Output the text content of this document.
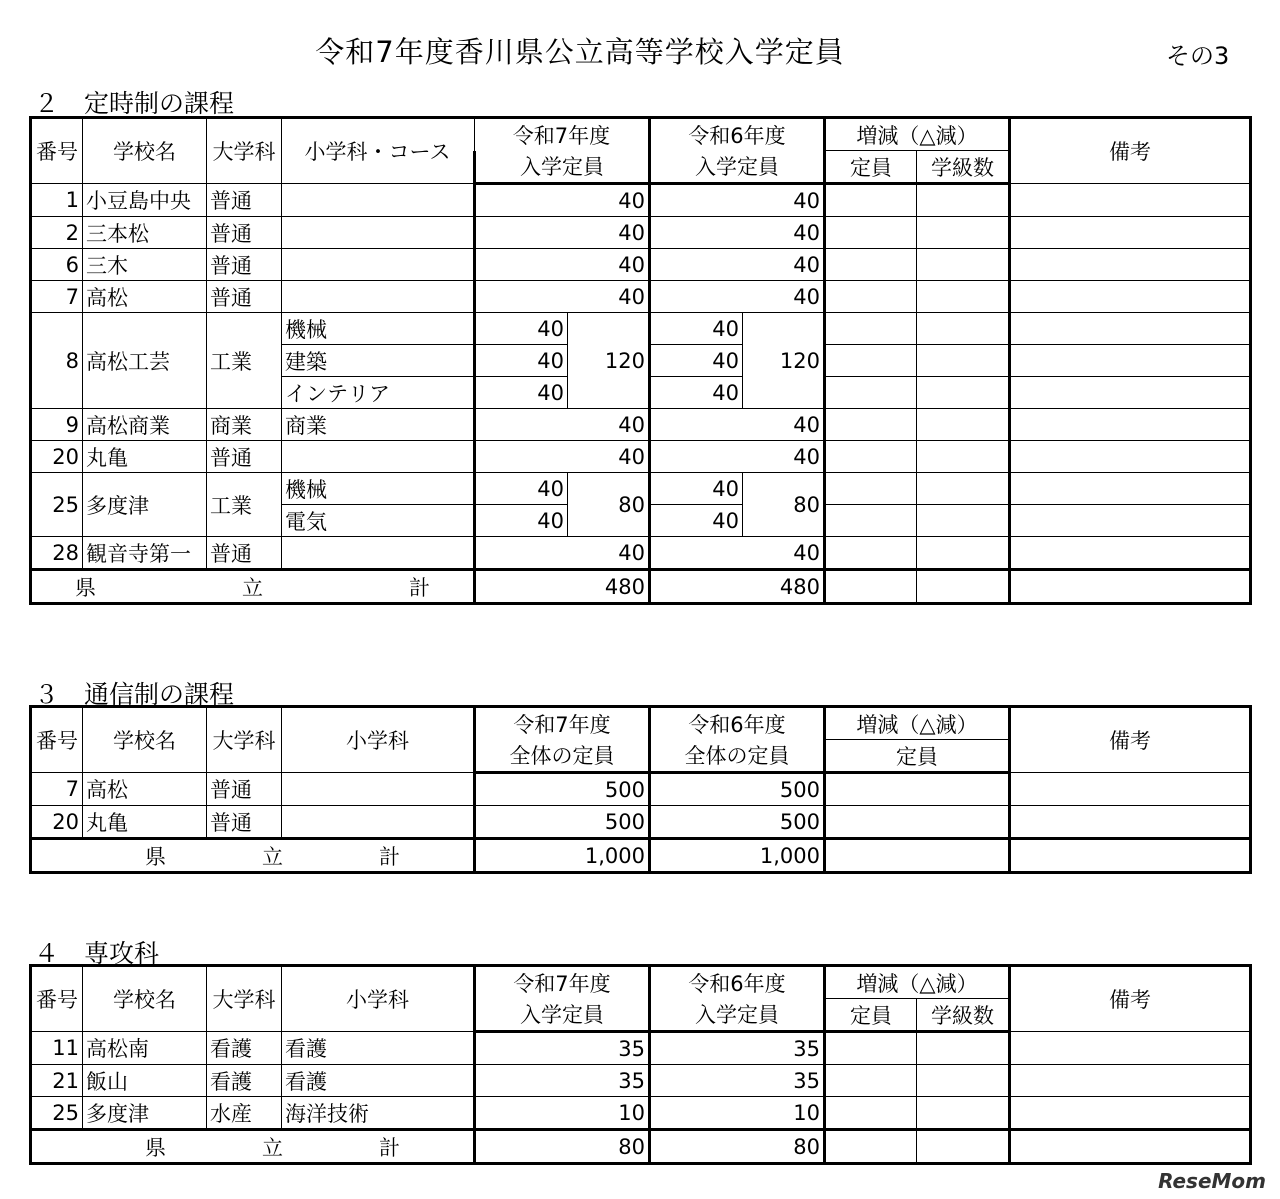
令和7年度香川県公立高等学校入学定員	その3
２　定時制の課程
番号	学校名	大学科	小学科・コース	令和7年度		令和6年度		増減（△減）		備考
				入学定員		入学定員		定員	学級数	
1	小豆島中央	普通		40		40				
2	三本松	普通		40		40				
6	三木	普通		40		40				
7	高松	普通		40		40				
8	高松工芸	工業	機械	40	120	40	120			
			建築	40		40				
			インテリア	40		40				
9	高松商業	商業	商業	40		40				
20	丸亀	普通		40		40				
25	多度津	工業	機械	40	80	40	80			
			電気	40		40				
28	観音寺第一	普通		40		40				

県 立 計				480		480				
３　通信制の課程
番号	学校名	大学科	小学科	令和7年度	令和6年度	増減（△減）	備考
				全体の定員	全体の定員	定員	
7	高松	普通		500	500		
20	丸亀	普通		500	500		

県 立 計				1,000	1,000		
４　専攻科
番号	学校名	大学科	小学科	令和7年度	令和6年度	増減（△減）		備考
				入学定員	入学定員	定員	学級数	
11	高松南	看護	看護	35	35			
21	飯山	看護	看護	35	35			
25	多度津	水産	海洋技術	10	10			

県 立 計				80	80			
ReseMom
